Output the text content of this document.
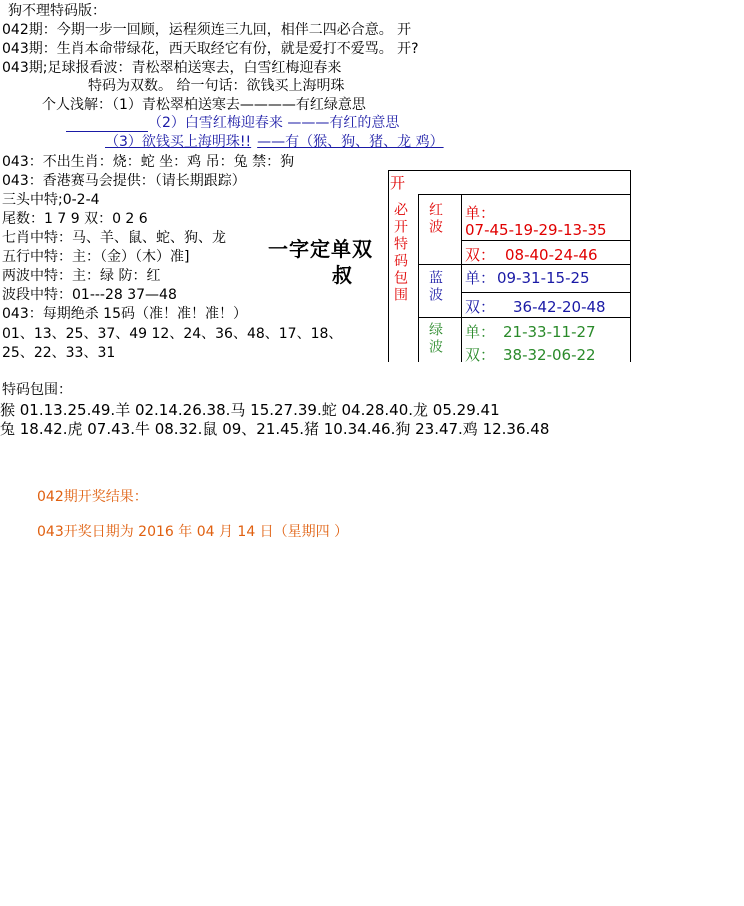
狗不理特码版：
042期：今期一步一回顾，运程须连三九回，相伴二四必合意。 开
043期：生肖本命带绿花，西天取经它有份，就是爱打不爱骂。 开?
043期;足球报看波：青松翠柏送寒去，白雪红梅迎春来
特码为双数。 给一句话：欲钱买上海明珠
个人浅解：（1）青松翠柏送寒去————有红绿意思
（2）白雪红梅迎春来 ———有红的意思
（3）欲钱买上海明珠!! ——有（猴、狗、猪、龙 鸡）
043：不出生肖：烧：蛇 坐：鸡 吊：兔 禁：狗
043：香港赛马会提供：（请长期跟踪）
三头中特;0-2-4
尾数：1 7 9 双：0 2 6
七肖中特：马、羊、鼠、蛇、狗、龙
五行中特：主：（金）（木）准]
两波中特：主：绿 防：红
波段中特：01---28 37—48
043：每期绝杀 15码（准！准！准！）
01、13、25、37、49 12、24、36、48、17、18、
25、22、33、31
一字定单双
叔
开
必开特码包围 红波 单：
07-45-19-29-13-35
双： 08-40-24-46
蓝波 单： 09-31-15-25
双： 36-42-20-48
绿波 单： 21-33-11-27
双： 38-32-06-22
特码包围：
猴 01.13.25.49.羊 02.14.26.38.马 15.27.39.蛇 04.28.40.龙 05.29.41
兔 18.42.虎 07.43.牛 08.32.鼠 09、21.45.猪 10.34.46.狗 23.47.鸡 12.36.48
042期开奖结果：
043开奖日期为 2016 年 04 月 14 日（星期四 ）
